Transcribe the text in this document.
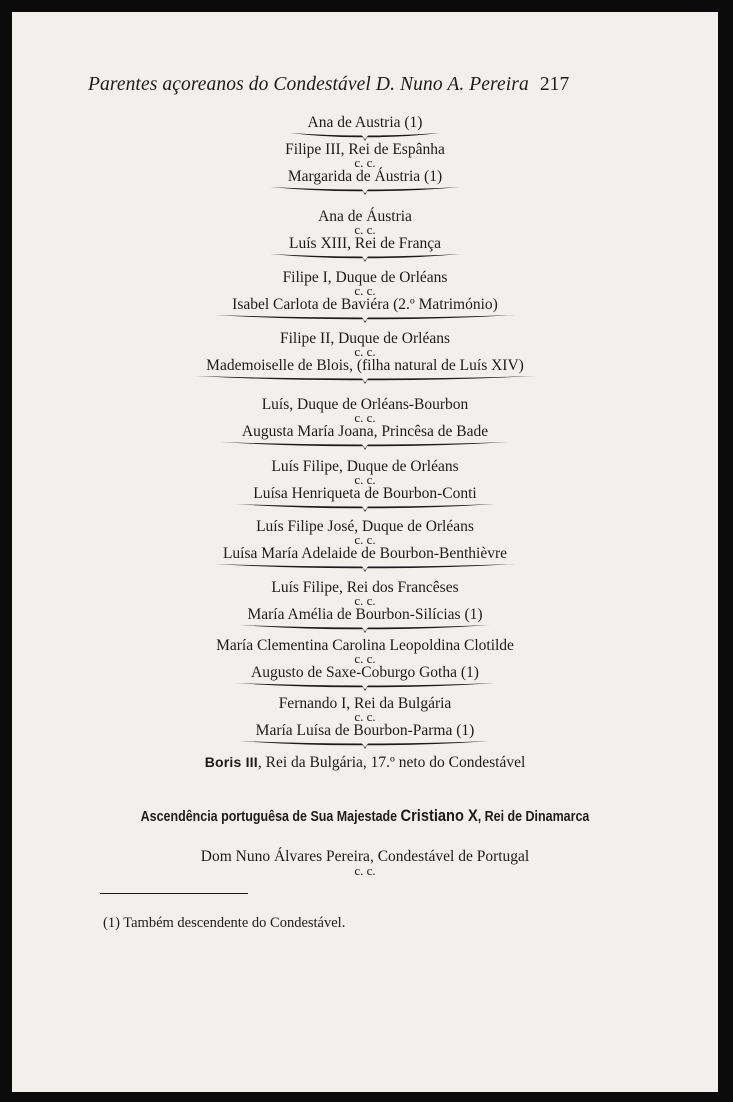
Parentes açoreanos do Condestável D. Nuno A. Pereira 217
Ana de Austria (1)
Filipe III, Rei de Espânha
c. c.
Margarida de Áustria (1)
Ana de Áustria
c. c.
Luís XIII, Rei de França
Filipe I, Duque de Orléans
c. c.
Isabel Carlota de Baviéra (2.º Matrimónio)
Filipe II, Duque de Orléans
c. c.
Mademoiselle de Blois, (filha natural de Luís XIV)
Luís, Duque de Orléans-Bourbon
c. c.
Augusta María Joana, Princêsa de Bade
Luís Filipe, Duque de Orléans
c. c.
Luísa Henriqueta de Bourbon-Conti
Luís Filipe José, Duque de Orléans
c. c.
Luísa María Adelaide de Bourbon-Benthièvre
Luís Filipe, Rei dos Francêses
c. c.
María Amélia de Bourbon-Silícias (1)
María Clementina Carolina Leopoldina Clotilde
c. c.
Augusto de Saxe-Coburgo Gotha (1)
Fernando I, Rei da Bulgária
c. c.
María Luísa de Bourbon-Parma (1)
Boris III, Rei da Bulgária, 17.º neto do Condestável
Ascendência portuguêsa de Sua Majestade Cristiano X, Rei de Dinamarca
Dom Nuno Álvares Pereira, Condestável de Portugal
c. c.
(1) Também descendente do Condestável.
